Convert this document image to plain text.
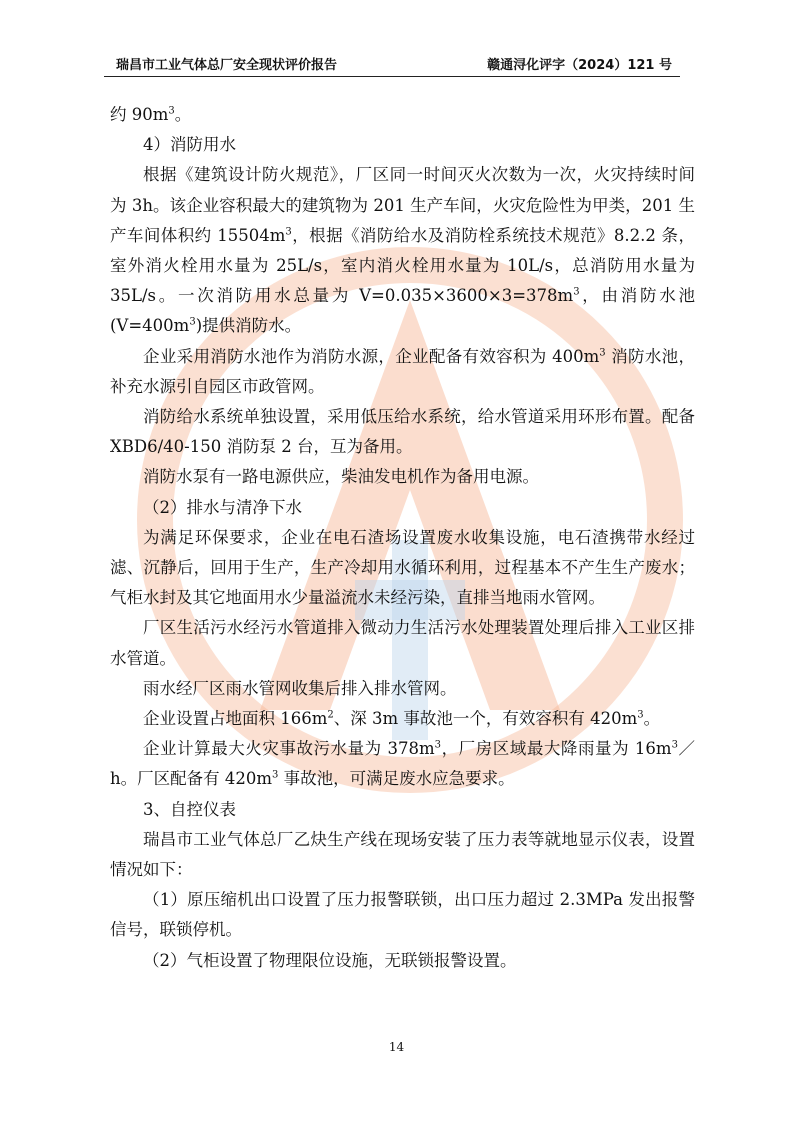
瑞昌市工业气体总厂安全现状评价报告	赣通浔化评字（2024）121 号

约 $90m^3$。

4）消防用水

根据《建筑设计防火规范》，厂区同一时间灭火次数为一次，火灾持续时间为 3h。该企业容积最大的建筑物为 201 生产车间，火灾危险性为甲类，201 生产车间体积约 $15504m^3$，根据《消防给水及消防栓系统技术规范》8.2.2 条，室外消火栓用水量为 25L/s，室内消火栓用水量为 10L/s，总消防用水量为 35L/s。一次消防用水总量为 $V=0.035\times 3600\times 3=378m^3$，由消防水池$(V=400m^3)$提供消防水。

企业采用消防水池作为消防水源，企业配备有效容积为 $400m^3$ 消防水池，补充水源引自园区市政管网。

消防给水系统单独设置，采用低压给水系统，给水管道采用环形布置。配备 XBD6/40-150 消防泵 2 台，互为备用。

消防水泵有一路电源供应，柴油发电机作为备用电源。

（2）排水与清净下水

为满足环保要求，企业在电石渣场设置废水收集设施，电石渣携带水经过滤、沉静后，回用于生产，生产冷却用水循环利用，过程基本不产生生产废水；气柜水封及其它地面用水少量溢流水未经污染，直排当地雨水管网。

厂区生活污水经污水管道排入微动力生活污水处理装置处理后排入工业区排水管道。

雨水经厂区雨水管网收集后排入排水管网。

企业设置占地面积 $166m^2$、深 3m 事故池一个，有效容积有 $420m^3$。

企业计算最大火灾事故污水量为 $378m^3$，厂房区域最大降雨量为 $16m^3/h$。厂区配备有 $420m^3$ 事故池，可满足废水应急要求。

3、自控仪表

瑞昌市工业气体总厂乙炔生产线在现场安装了压力表等就地显示仪表，设置情况如下：

（1）原压缩机出口设置了压力报警联锁，出口压力超过 2.3MPa 发出报警信号，联锁停机。

（2）气柜设置了物理限位设施，无联锁报警设置。

14
